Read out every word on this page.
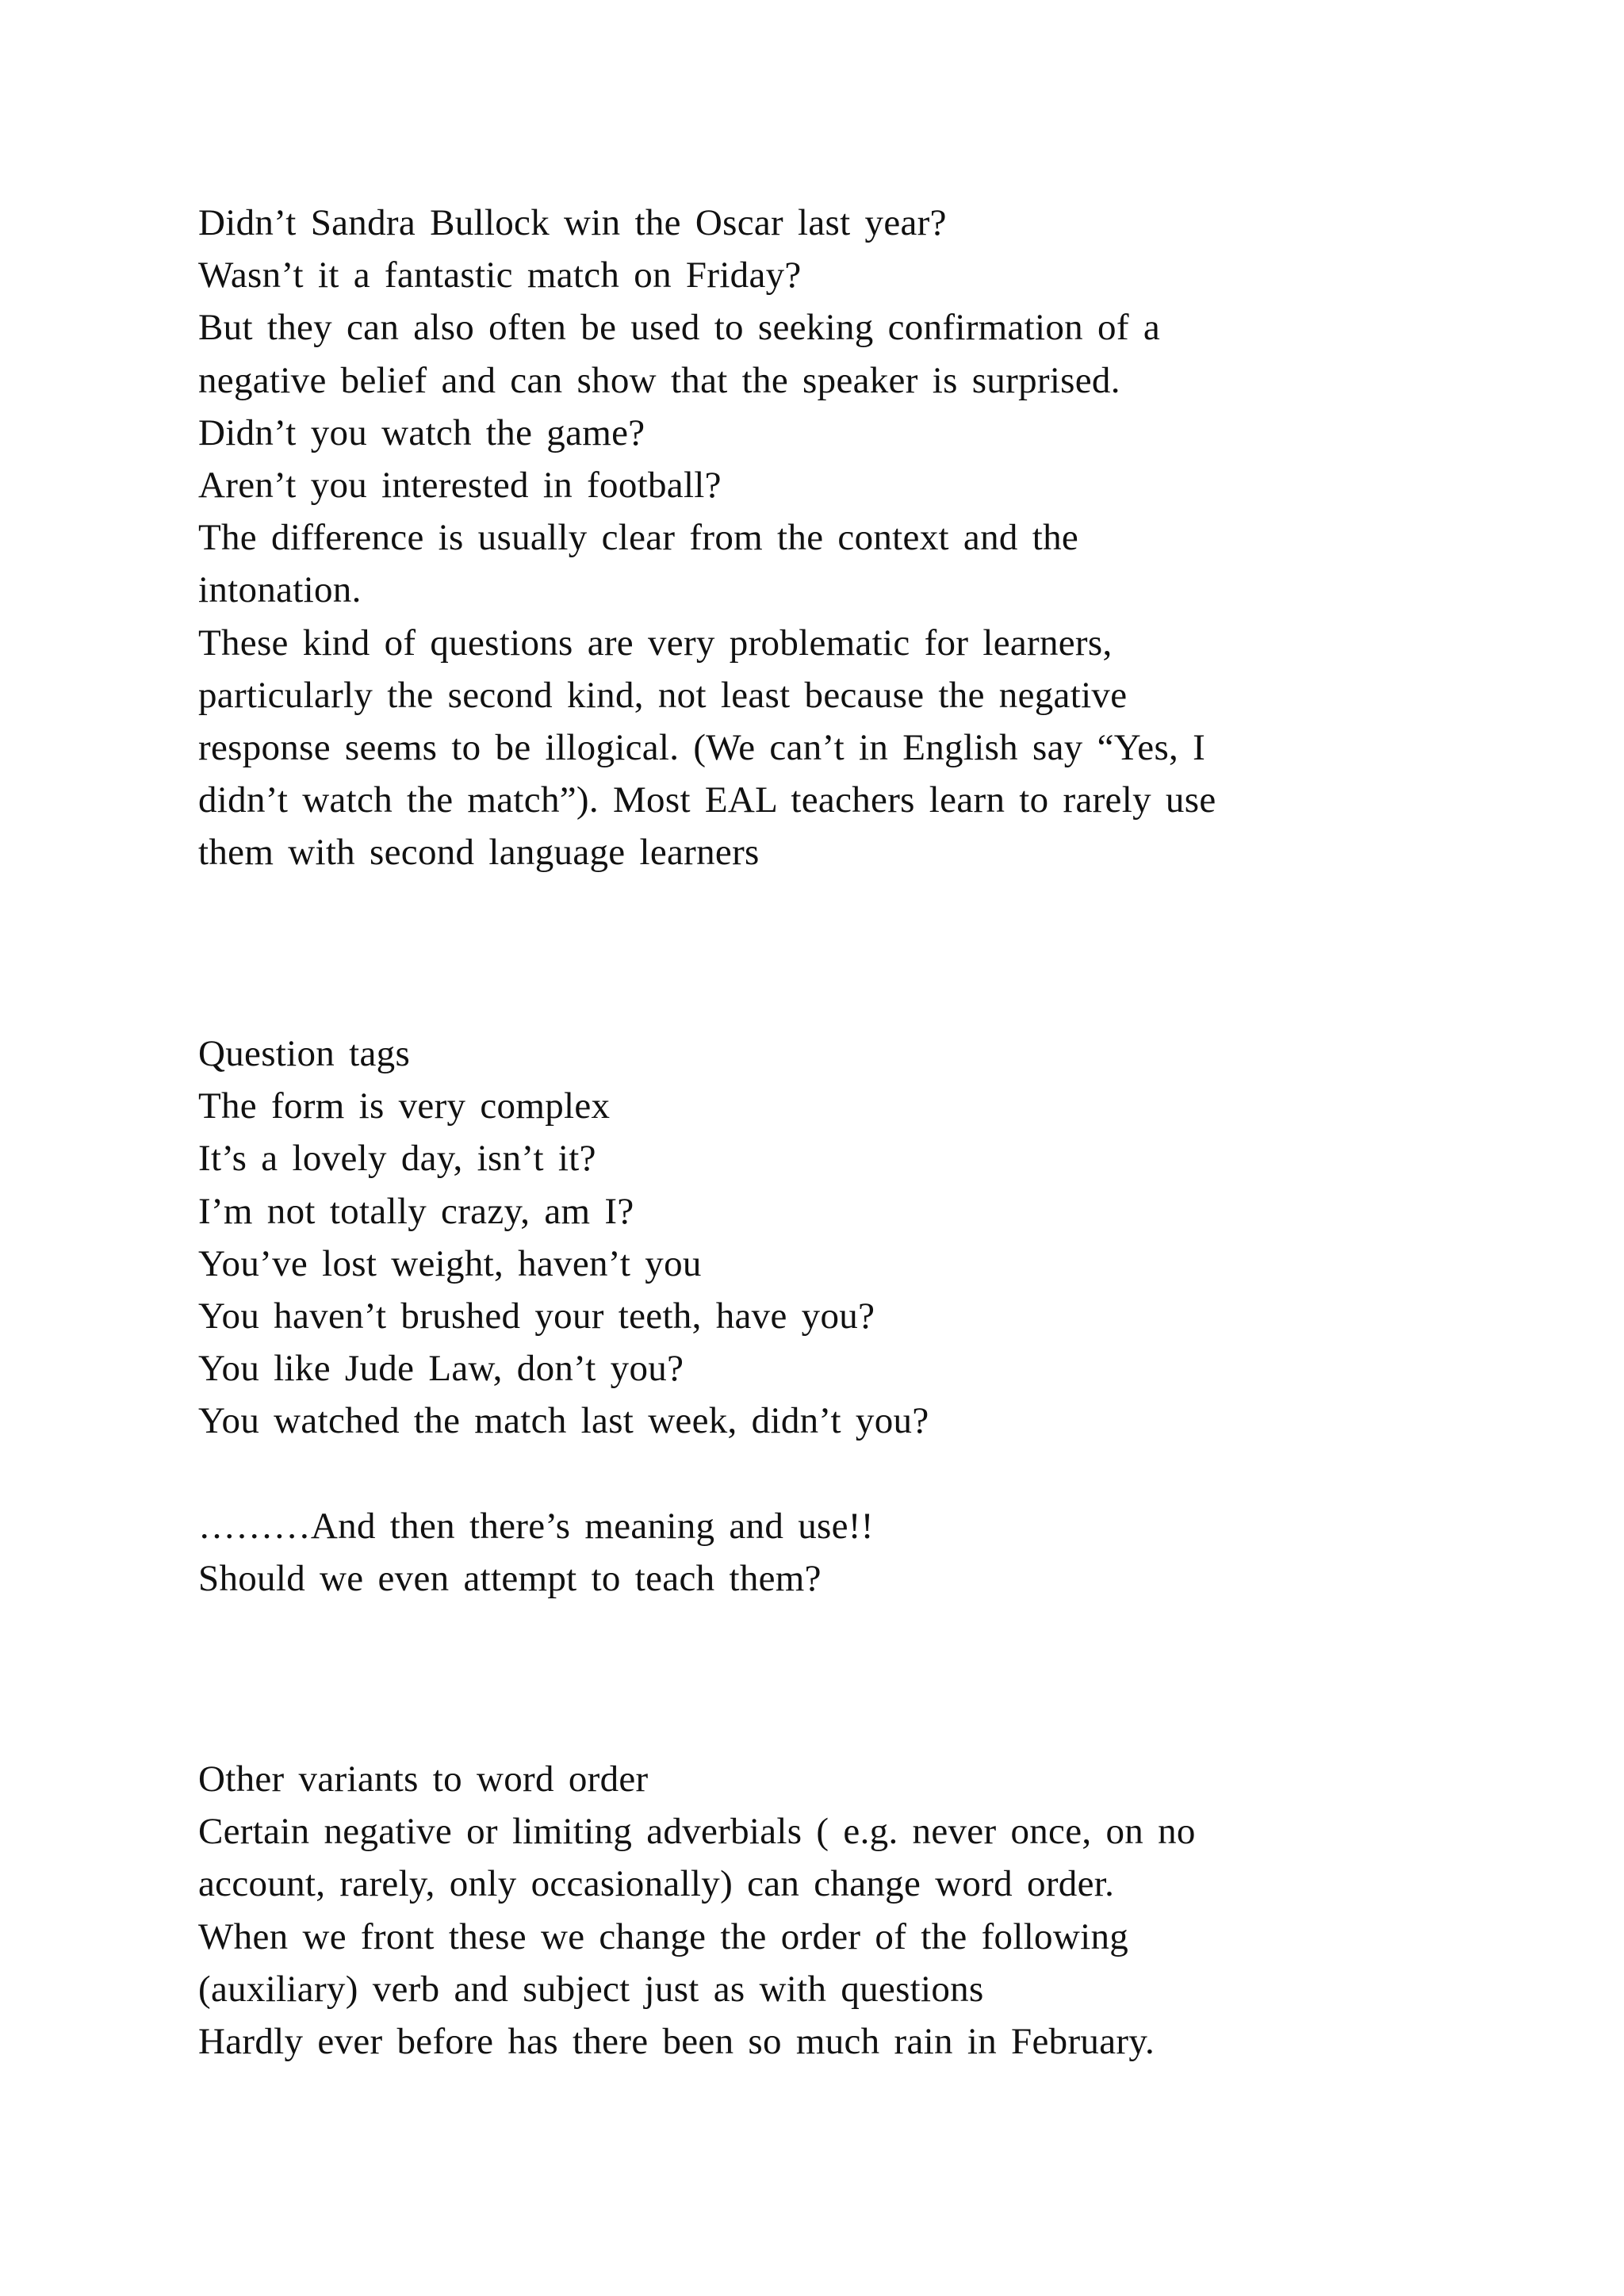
Didn’t Sandra Bullock win the Oscar last year?
Wasn’t it a fantastic match on Friday?
But they can also often be used to seeking confirmation of a
negative belief and can show that the speaker is surprised.
Didn’t you watch the game?
Aren’t you interested in football?
The difference is usually clear from the context and the
intonation.
These kind of questions are very problematic for learners,
particularly the second kind, not least because the negative
response seems to be illogical. (We can’t in English say “Yes, I
didn’t watch the match”). Most EAL teachers learn to rarely use
them with second language learners
Question tags
The form is very complex
It’s a lovely day, isn’t it?
I’m not totally crazy, am I?
You’ve lost weight, haven’t you
You haven’t brushed your teeth, have you?
You like Jude Law, don’t you?
You watched the match last week, didn’t you?
………And then there’s meaning and use!!
Should we even attempt to teach them?
Other variants to word order
Certain negative or limiting adverbials ( e.g. never once, on no
account, rarely, only occasionally) can change word order.
When we front these we change the order of the following
(auxiliary) verb and subject just as with questions
Hardly ever before has there been so much rain in February.
